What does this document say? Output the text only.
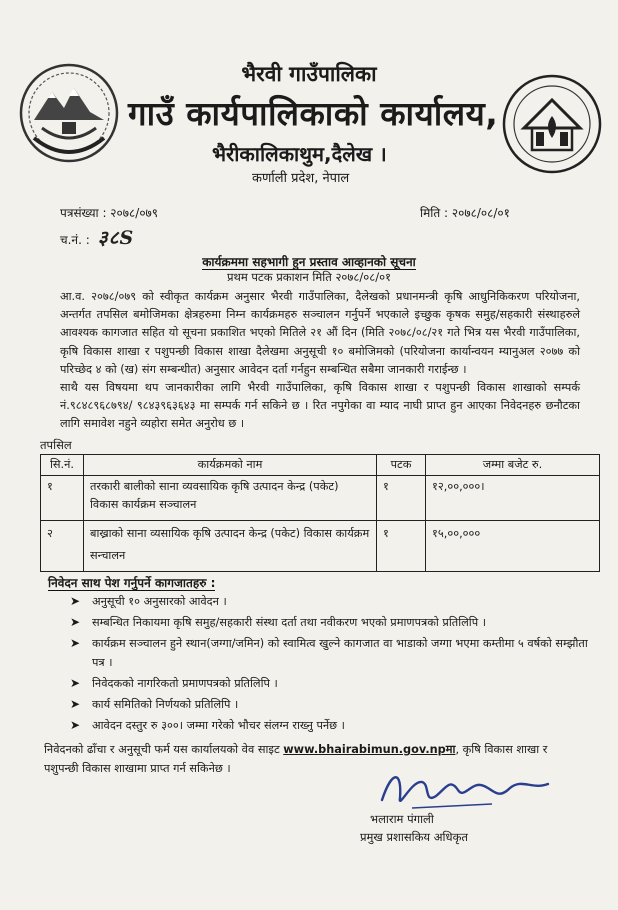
भैरवी गाउँपालिका
गाउँ कार्यपालिकाको कार्यालय,
भैरीकालिकाथुम,दैलेख ।
कर्णाली प्रदेश, नेपाल
पत्रसंख्या : २०७८/०७९
च.नं. : ३८S
मिति : २०७८/०८/०१
कार्यक्रममा सहभागी हुन प्रस्ताव आव्हानको सूचना
प्रथम पटक प्रकाशन मिति २०७८/०८/०१

आ.व. २०७८/०७९ को स्वीकृत कार्यक्रम अनुसार भैरवी गाउँपालिका, दैलेखको प्रधानमन्त्री कृषि आधुनिकिकरण परियोजना, अन्तर्गत तपसिल बमोजिमका क्षेत्रहरुमा निम्न कार्यक्रमहरु सञ्चालन गर्नुपर्ने भएकाले इच्छुक कृषक समुह/सहकारी संस्थाहरुले आवश्यक कागजात सहित यो सूचना प्रकाशित भएको मितिले २१ औं दिन (मिति २०७८/०८/२१ गते भित्र यस भैरवी गाउँपालिका, कृषि विकास शाखा र पशुपन्छी विकास शाखा दैलेखमा अनुसूची १० बमोजिमको (परियोजना कार्यान्वयन म्यानुअल २०७७ को परिच्छेद ४ को (ख) संग सम्बन्धीत) अनुसार आवेदन दर्ता गर्नहुन सम्बन्धित सबैमा जानकारी गराईन्छ ।

साथै यस विषयमा थप जानकारीका लागि भैरवी गाउँपालिका, कृषि विकास शाखा र पशुपन्छी विकास शाखाको सम्पर्क नं.९८४८९६८७९४/ ९८४३९६३६४३ मा सम्पर्क गर्न सकिने छ । रित नपुगेका वा म्याद नाघी प्राप्त हुन आएका निवेदनहरु छनौटका लागि समावेश नहुने व्यहोरा समेत अनुरोध छ ।

तपसिल
सि.नं.	कार्यक्रमको नाम	पटक	जम्मा बजेट रु.
१	तरकारी बालीको साना व्यवसायिक कृषि उत्पादन केन्द्र (पकेट) विकास कार्यक्रम सञ्चालन	१	१२,००,०००।
२	बाख्राको साना व्यसायिक कृषि उत्पादन केन्द्र (पकेट) विकास कार्यक्रम सन्चालन	१	१५,००,०००
निवेदन साथ पेश गर्नुपर्ने कागजातहरु :
➤ अनुसूची १० अनुसारको आवेदन ।
➤ सम्बन्धित निकायमा कृषि समुह/सहकारी संस्था दर्ता तथा नवीकरण भएको प्रमाणपत्रको प्रतिलिपि ।
➤ कार्यक्रम सञ्चालन हुने स्थान(जग्गा/जमिन) को स्वामित्व खुल्ने कागजात वा भाडाको जग्गा भएमा कम्तीमा ५ वर्षको सम्झौता पत्र ।
➤ निवेदकको नागरिकतो प्रमाणपत्रको प्रतिलिपि ।
➤ कार्य समितिको निर्णयको प्रतिलिपि ।
➤ आवेदन दस्तुर रु ३००। जम्मा गरेको भौचर संलग्न राख्नु पर्नेछ ।
निवेदनको ढाँचा र अनुसूची फर्म यस कार्यालयको वेव साइट www.bhairabimun.gov.npमा, कृषि विकास शाखा र पशुपन्छी विकास शाखामा प्राप्त गर्न सकिनेछ ।
भलाराम पंगाली
प्रमुख प्रशासकिय अधिकृत
